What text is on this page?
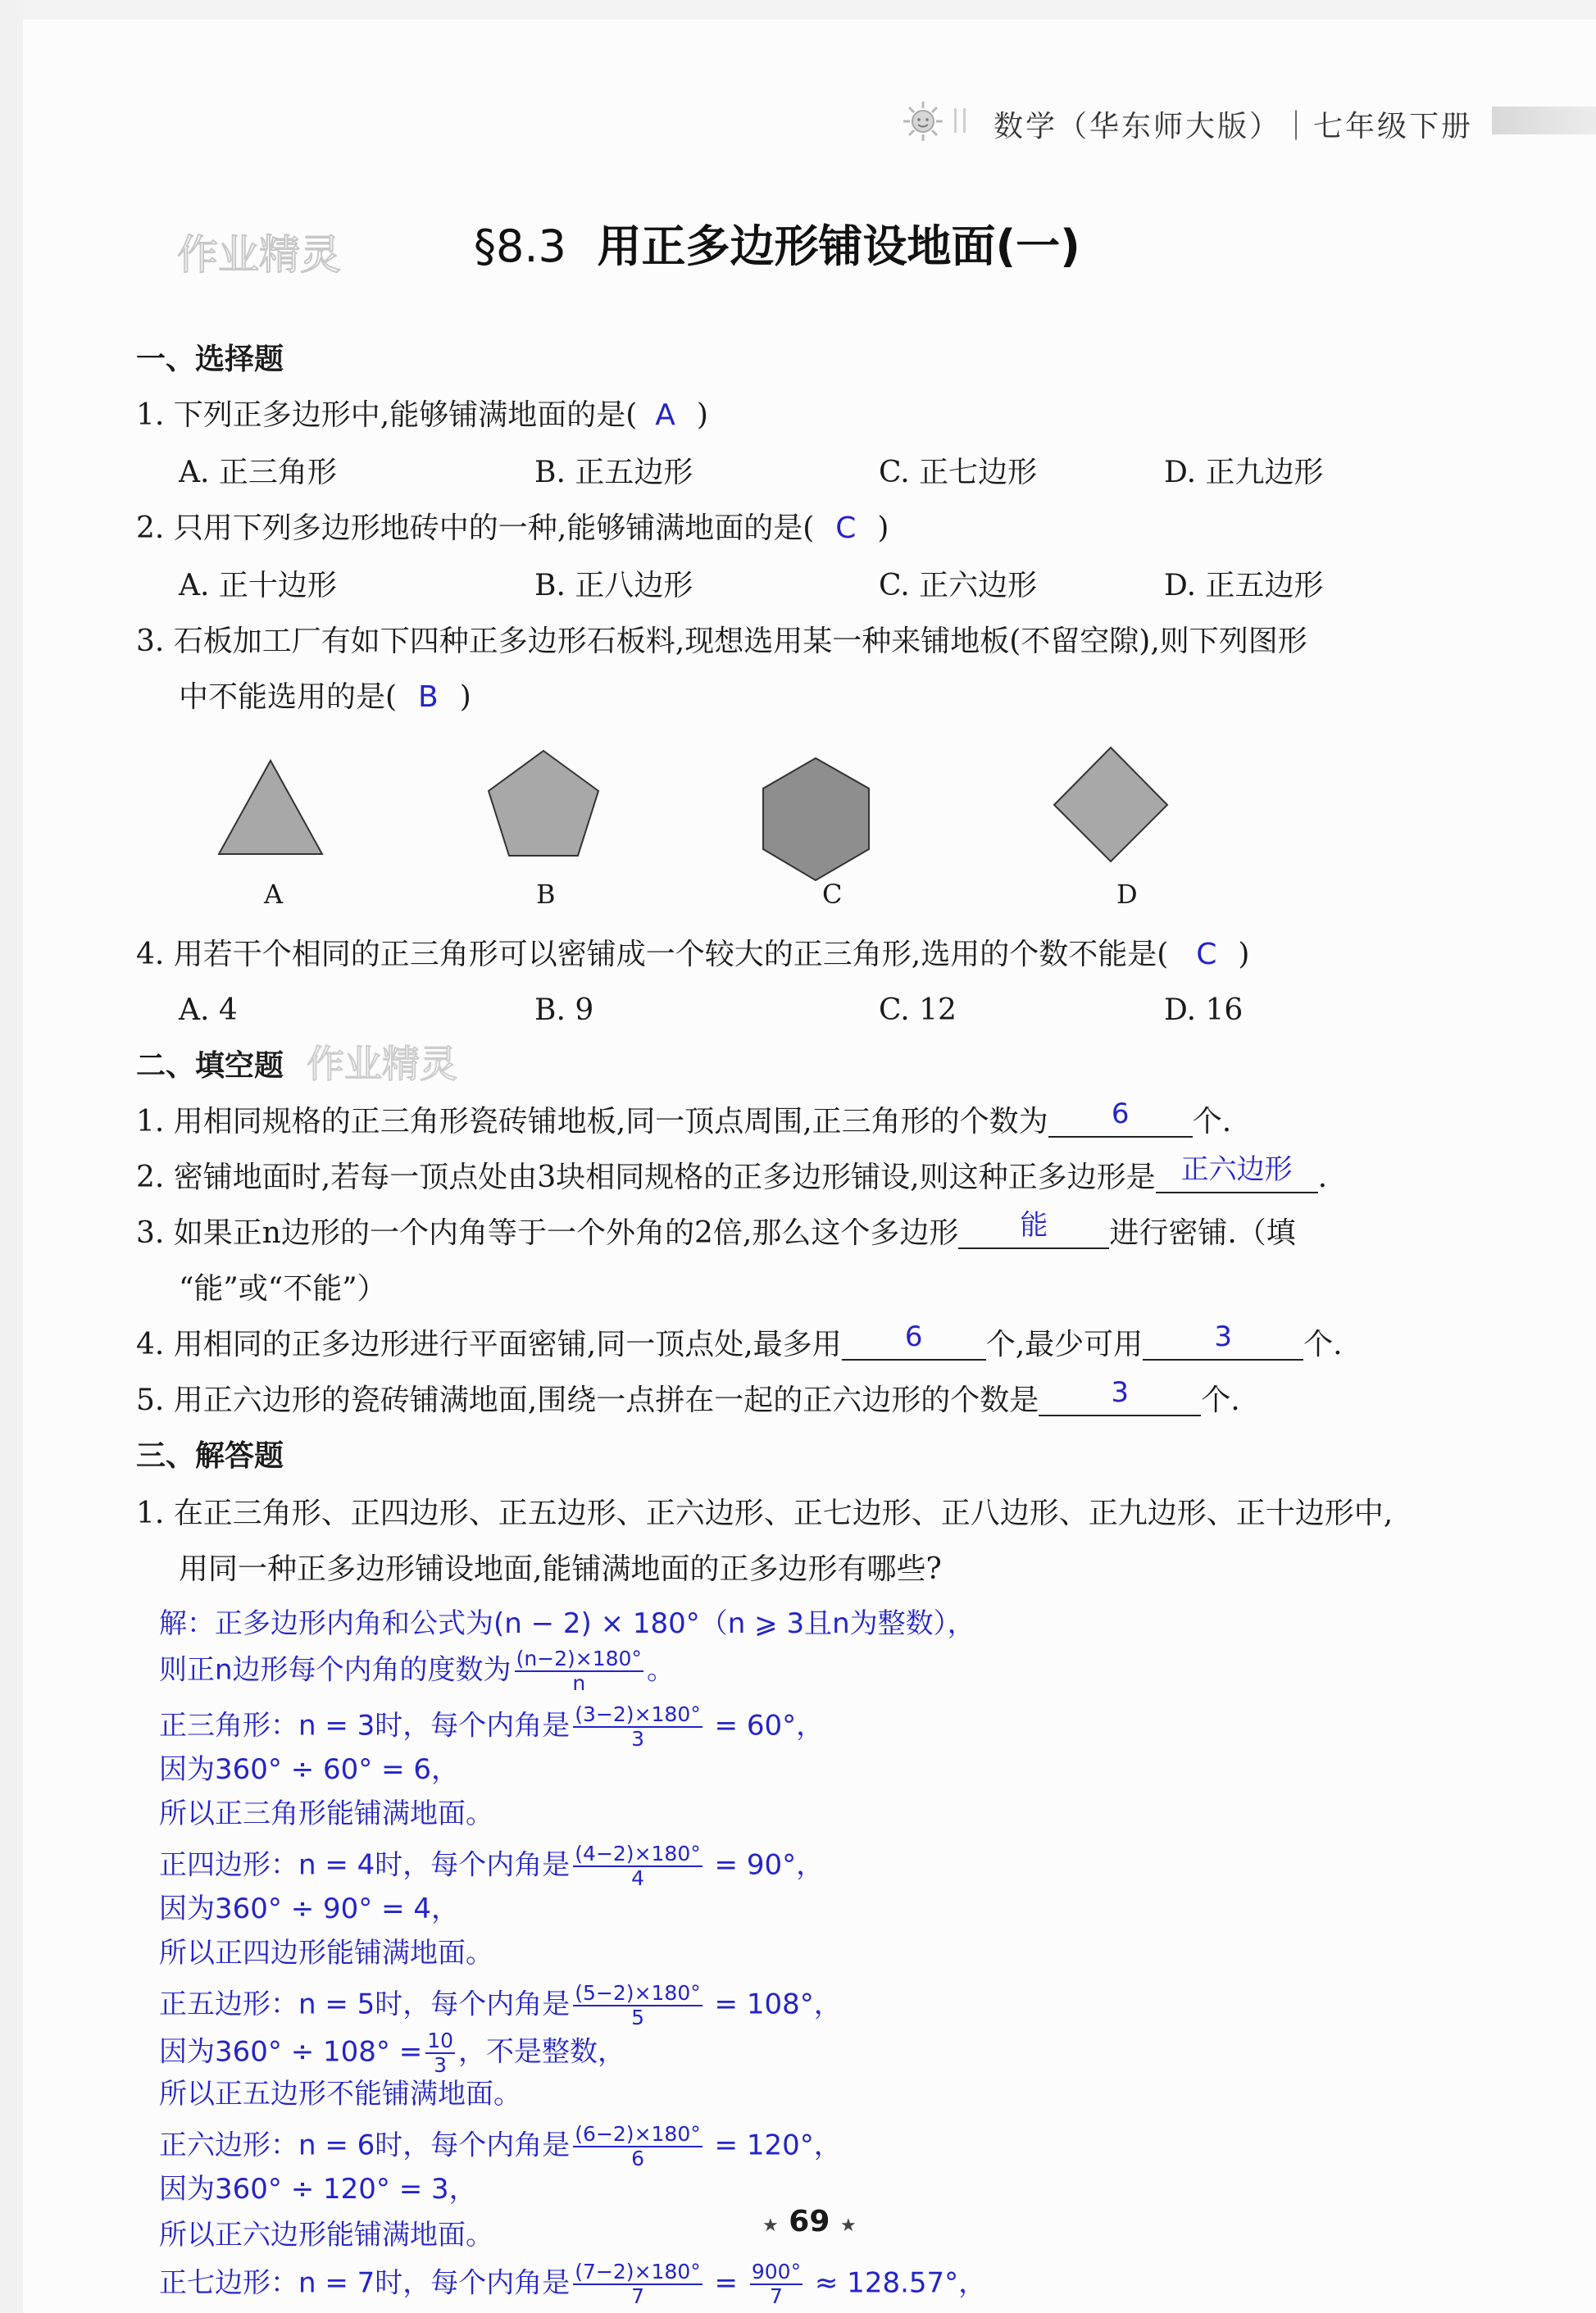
数学（华东师大版）｜七年级下册
作业精灵	§8.3 用正多边形铺设地面(一)
一、选择题
1. 下列正多边形中,能够铺满地面的是( A )
A. 正三角形	B. 正五边形	C. 正七边形	D. 正九边形
2. 只用下列多边形地砖中的一种,能够铺满地面的是( C )
A. 正十边形	B. 正八边形	C. 正六边形	D. 正五边形
3. 石板加工厂有如下四种正多边形石板料,现想选用某一种来铺地板(不留空隙),则下列图形
中不能选用的是( B )
A	B	C	D
4. 用若干个相同的正三角形可以密铺成一个较大的正三角形,选用的个数不能是( C )
A. 4	B. 9	C. 12	D. 16
二、填空题 作业精灵
1. 用相同规格的正三角形瓷砖铺地板,同一顶点周围,正三角形的个数为 6 个.
2. 密铺地面时,若每一顶点处由3块相同规格的正多边形铺设,则这种正多边形是 正六边形 .
3. 如果正n边形的一个内角等于一个外角的2倍,那么这个多边形 能 进行密铺.（填
“能”或“不能”）
4. 用相同的正多边形进行平面密铺,同一顶点处,最多用 6 个,最少可用	3 个.
5. 用正六边形的瓷砖铺满地面,围绕一点拼在一起的正六边形的个数是	3 个.
三、解答题
1. 在正三角形、正四边形、正五边形、正六边形、正七边形、正八边形、正九边形、正十边形中,
用同一种正多边形铺设地面,能铺满地面的正多边形有哪些?
解：正多边形内角和公式为(n − 2) × 180°（n ⩾ 3且n为整数），
则正n边形每个内角的度数为 $\frac{(n-2)\times 180^\circ}{n}$ 。
正三角形：n = 3时，每个内角是 $\frac{(3-2)\times 180^\circ}{3} = 60^\circ$，
因为360° ÷ 60° = 6，
所以正三角形能铺满地面。
正四边形：n = 4时，每个内角是 $\frac{(4-2)\times 180^\circ}{4} = 90^\circ$，
因为360° ÷ 90° = 4，
所以正四边形能铺满地面。
正五边形：n = 5时，每个内角是 $\frac{(5-2)\times 180^\circ}{5} = 108^\circ$，
因为$360^\circ \div 108^\circ = \frac{10}{3}$ ，不是整数，
所以正五边形不能铺满地面。
正六边形：n = 6时，每个内角是 $\frac{(6-2)\times 180^\circ}{6} = 120^\circ$，
因为360° ÷ 120° = 3，
所以正六边形能铺满地面。
正七边形：n = 7时，每个内角是 $\frac{(7-2)\times 180^\circ}{7} = \frac{900^\circ}{7} \approx 128.57^\circ$，
★ 69 ★
